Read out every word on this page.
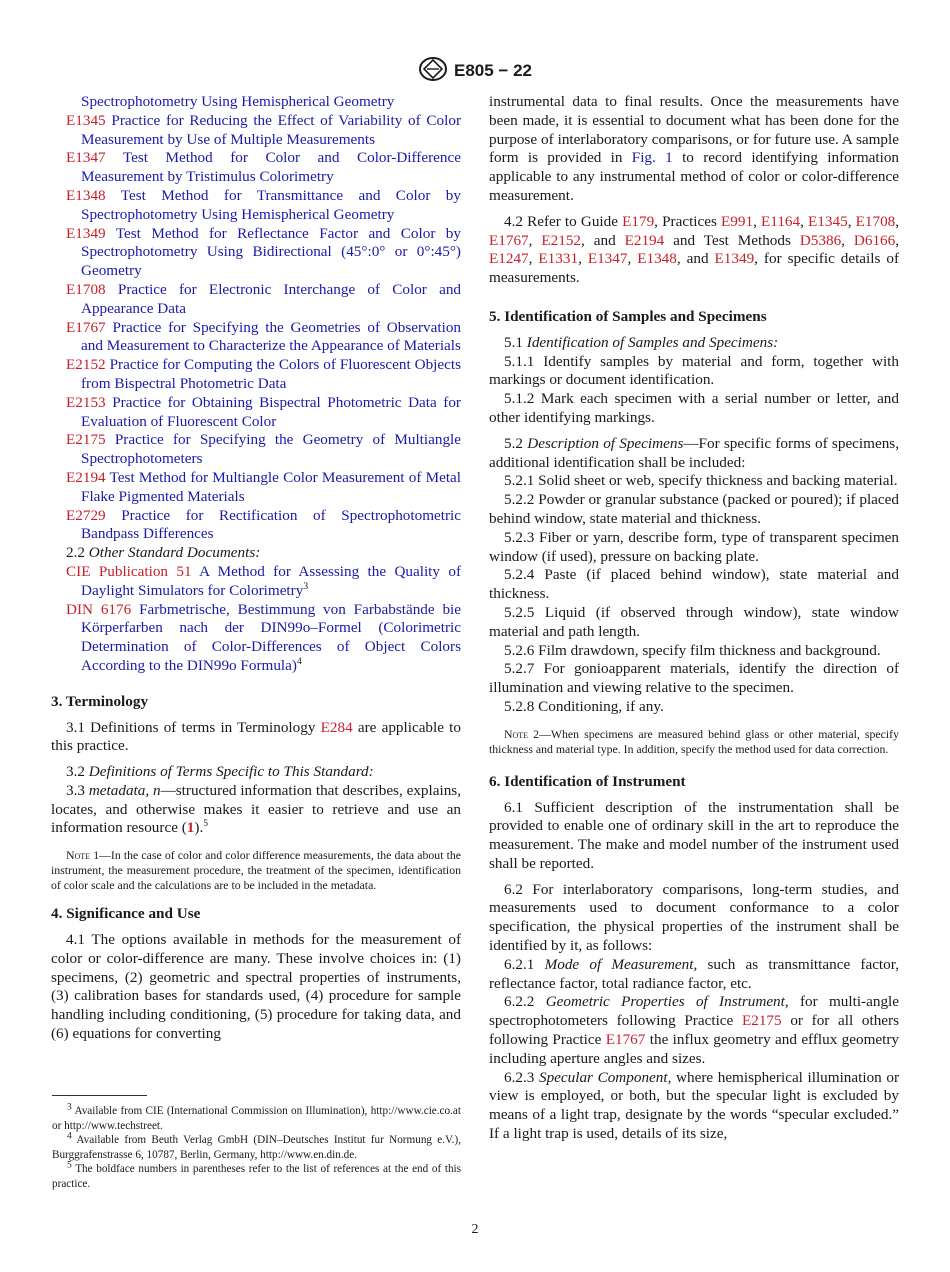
E805 − 22

Spectrophotometry Using Hemispherical Geometry

E1345 Practice for Reducing the Effect of Variability of Color Measurement by Use of Multiple Measurements

E1347 Test Method for Color and Color-Difference Measurement by Tristimulus Colorimetry

E1348 Test Method for Transmittance and Color by Spectrophotometry Using Hemispherical Geometry

E1349 Test Method for Reflectance Factor and Color by Spectrophotometry Using Bidirectional (45°:0° or 0°:45°) Geometry

E1708 Practice for Electronic Interchange of Color and Appearance Data

E1767 Practice for Specifying the Geometries of Observation and Measurement to Characterize the Appearance of Materials

E2152 Practice for Computing the Colors of Fluorescent Objects from Bispectral Photometric Data

E2153 Practice for Obtaining Bispectral Photometric Data for Evaluation of Fluorescent Color

E2175 Practice for Specifying the Geometry of Multiangle Spectrophotometers

E2194 Test Method for Multiangle Color Measurement of Metal Flake Pigmented Materials

E2729 Practice for Rectification of Spectrophotometric Bandpass Differences

2.2 Other Standard Documents:

CIE Publication 51 A Method for Assessing the Quality of Daylight Simulators for Colorimetry$^3$

DIN 6176 Farbmetrische, Bestimmung von Farbabstände bie Körperfarben nach der DIN99o–Formel (Colorimetric Determination of Color-Differences of Object Colors According to the DIN99o Formula)$^4$

3. Terminology

3.1 Definitions of terms in Terminology E284 are applicable to this practice.

3.2 Definitions of Terms Specific to This Standard:

3.3 metadata, n—structured information that describes, explains, locates, and otherwise makes it easier to retrieve and use an information resource (1).$^5$

Note 1—In the case of color and color difference measurements, the data about the instrument, the measurement procedure, the treatment of the specimen, identification of color scale and the calculations are to be included in the metadata.

4. Significance and Use

4.1 The options available in methods for the measurement of color or color-difference are many. These involve choices in: (1) specimens, (2) geometric and spectral properties of instruments, (3) calibration bases for standards used, (4) procedure for sample handling including conditioning, (5) procedure for taking data, and (6) equations for converting

$^3$ Available from CIE (International Commission on Illumination), http://www.cie.co.at or http://www.techstreet.

$^4$ Available from Beuth Verlag GmbH (DIN–Deutsches Institut fur Normung e.V.), Burggrafenstrasse 6, 10787, Berlin, Germany, http://www.en.din.de.

$^5$ The boldface numbers in parentheses refer to the list of references at the end of this practice.

instrumental data to final results. Once the measurements have been made, it is essential to document what has been done for the purpose of interlaboratory comparisons, or for future use. A sample form is provided in Fig. 1 to record identifying information applicable to any instrumental method of color or color-difference measurement.

4.2 Refer to Guide E179, Practices E991, E1164, E1345, E1708, E1767, E2152, and E2194 and Test Methods D5386, D6166, E1247, E1331, E1347, E1348, and E1349, for specific details of measurements.

5. Identification of Samples and Specimens

5.1 Identification of Samples and Specimens:

5.1.1 Identify samples by material and form, together with markings or document identification.

5.1.2 Mark each specimen with a serial number or letter, and other identifying markings.

5.2 Description of Specimens—For specific forms of specimens, additional identification shall be included:

5.2.1 Solid sheet or web, specify thickness and backing material.

5.2.2 Powder or granular substance (packed or poured); if placed behind window, state material and thickness.

5.2.3 Fiber or yarn, describe form, type of transparent specimen window (if used), pressure on backing plate.

5.2.4 Paste (if placed behind window), state material and thickness.

5.2.5 Liquid (if observed through window), state window material and path length.

5.2.6 Film drawdown, specify film thickness and background.

5.2.7 For gonioapparent materials, identify the direction of illumination and viewing relative to the specimen.

5.2.8 Conditioning, if any.

Note 2—When specimens are measured behind glass or other material, specify thickness and material type. In addition, specify the method used for data correction.

6. Identification of Instrument

6.1 Sufficient description of the instrumentation shall be provided to enable one of ordinary skill in the art to reproduce the measurement. The make and model number of the instrument used shall be reported.

6.2 For interlaboratory comparisons, long-term studies, and measurements used to document conformance to a color specification, the physical properties of the instrument shall be identified by it, as follows:

6.2.1 Mode of Measurement, such as transmittance factor, reflectance factor, total radiance factor, etc.

6.2.2 Geometric Properties of Instrument, for multi-angle spectrophotometers following Practice E2175 or for all others following Practice E1767 the influx geometry and efflux geometry including aperture angles and sizes.

6.2.3 Specular Component, where hemispherical illumination or view is employed, or both, but the specular light is excluded by means of a light trap, designate by the words “specular excluded.” If a light trap is used, details of its size,

2
